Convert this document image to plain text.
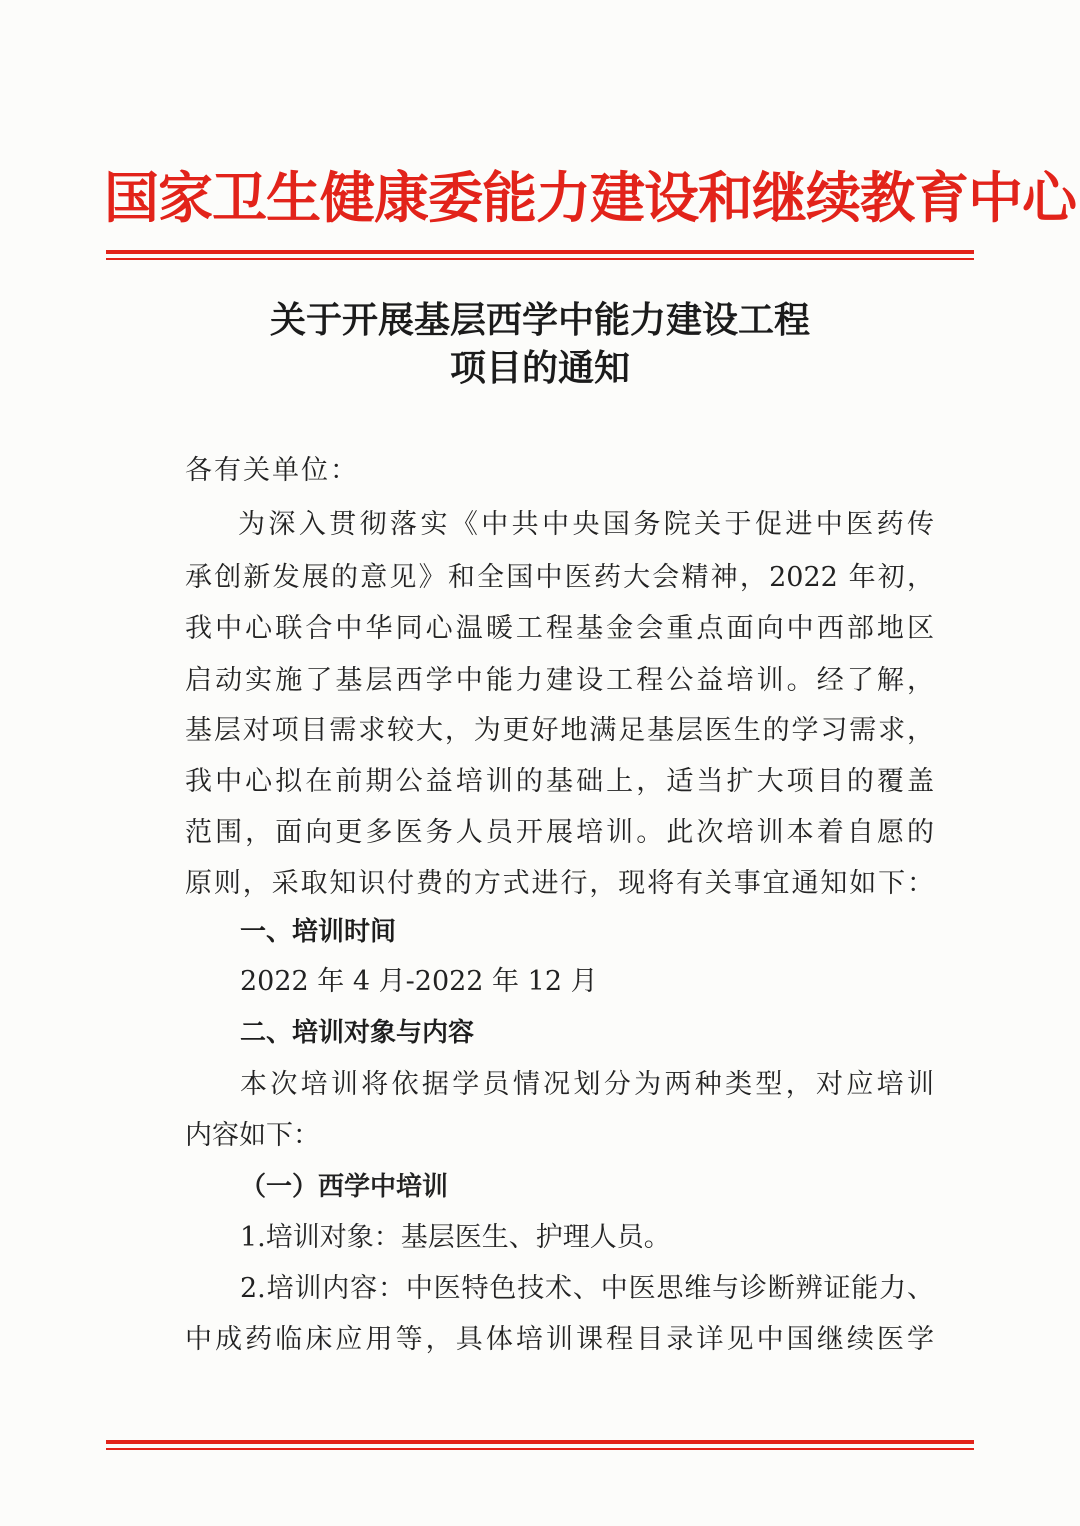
国家卫生健康委能力建设和继续教育中心
关于开展基层西学中能力建设工程
项目的通知
各有关单位：
为深入贯彻落实《中共中央国务院关于促进中医药传
承创新发展的意见》和全国中医药大会精神，2022 年初，
我中心联合中华同心温暖工程基金会重点面向中西部地区
启动实施了基层西学中能力建设工程公益培训。经了解，
基层对项目需求较大，为更好地满足基层医生的学习需求，
我中心拟在前期公益培训的基础上，适当扩大项目的覆盖
范围，面向更多医务人员开展培训。此次培训本着自愿的
原则，采取知识付费的方式进行，现将有关事宜通知如下：
一、培训时间
2022 年 4 月-2022 年 12 月
二、培训对象与内容
本次培训将依据学员情况划分为两种类型，对应培训
内容如下：
（一）西学中培训
1.培训对象：基层医生、护理人员。
2.培训内容：中医特色技术、中医思维与诊断辨证能力、
中成药临床应用等，具体培训课程目录详见中国继续医学
